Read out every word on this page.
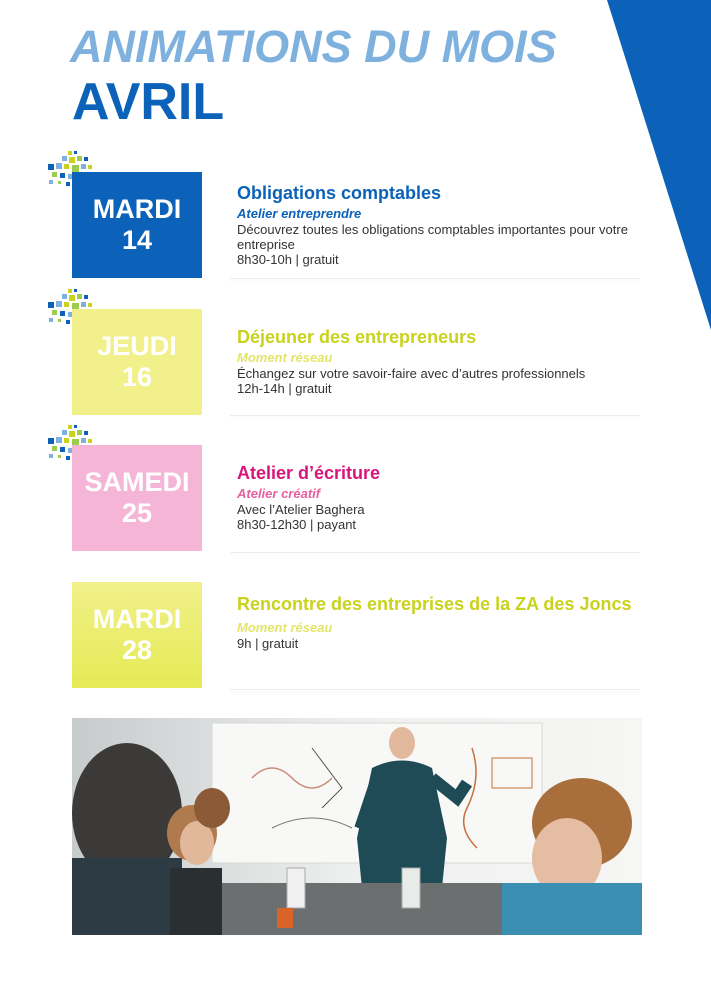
ANIMATIONS DU MOIS
AVRIL
MARDI
14
Obligations comptables
Atelier entreprendre
Découvrez toutes les obligations comptables importantes pour votre entreprise
8h30-10h | gratuit
JEUDI
16
Déjeuner des entrepreneurs
Moment réseau
Échangez sur votre savoir-faire avec d’autres professionnels
12h-14h | gratuit
SAMEDI
25
Atelier d’écriture
Atelier créatif
Avec l’Atelier Baghera
8h30-12h30 | payant
MARDI
28
Rencontre des entreprises de la ZA des Joncs
Moment réseau
9h | gratuit
